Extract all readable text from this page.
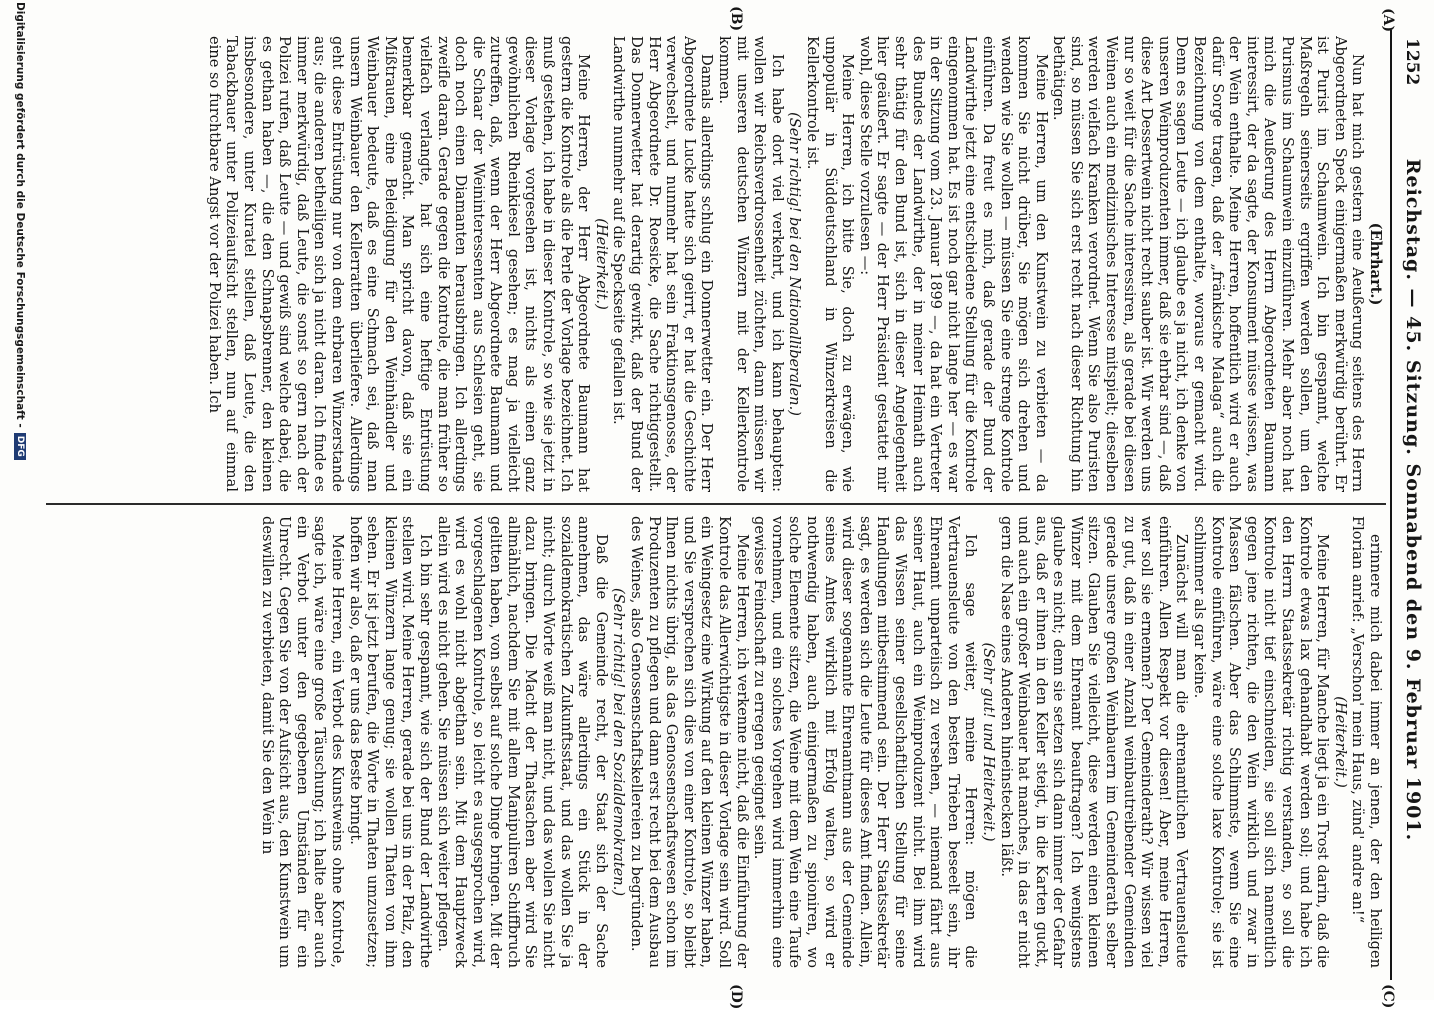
1252
Reichstag. — 45. Sitzung. Sonnabend den 9. Februar 1901.
(A)
(B)
(C)
(D)
(Ehrhart.)

Nun hat mich gestern eine Aeußerung seitens des Herrn Abgeordneten Speck einigermaßen merkwürdig berührt. Er ist Purist im Schaumwein. Ich bin gespannt, welche Maßregeln seinerseits ergriffen werden sollen, um den Purismus im Schaumwein einzuführen. Mehr aber noch hat mich die Aeußerung des Herrn Abgeordneten Baumann interessirt, der da sagte, der Konsument müsse wissen, was der Wein enthalte. Meine Herren, hoffentlich wird er auch dafür Sorge tragen, daß der „fränkische Malaga“ auch die Bezeichnung von dem enthalte, woraus er gemacht wird. Denn es sagen Leute — ich glaube es ja nicht, ich denke von unseren Weinproduzenten immer, daß sie ehrbar sind —, daß diese Art Dessertwein nicht recht sauber ist. Wir werden uns nur so weit für die Sache interessiren, als gerade bei diesen Weinen auch ein medizinisches Interesse mitspielt; dieselben werden vielfach Kranken verordnet. Wenn Sie also Puristen sind, so müssen Sie sich erst recht nach dieser Richtung hin bethätigen.

Meine Herren, um den Kunstwein zu verbieten — da kommen Sie nicht drüber, Sie mögen sich drehen und wenden wie Sie wollen — müssen Sie eine strenge Kontrole einführen. Da freut es mich, daß gerade der Bund der Landwirthe jetzt eine entschiedene Stellung für die Kontrole eingenommen hat. Es ist noch gar nicht lange her — es war in der Sitzung vom 23. Januar 1899 —, da hat ein Vertreter des Bundes der Landwirthe, der in meiner Heimath auch sehr thätig für den Bund ist, sich in dieser Angelegenheit hier geäußert. Er sagte — der Herr Präsident gestattet mir wohl, diese Stelle vorzulesen —:

Meine Herren, ich bitte Sie, doch zu erwägen, wie unpopulär in Süddeutschland in Winzerkreisen die Kellerkontrole ist.

(Sehr richtig! bei den Nationalliberalen.)

Ich habe dort viel verkehrt, und ich kann behaupten: wollen wir Reichsverdrossenheit züchten, dann müssen wir mit unseren deutschen Winzern mit der Kellerkontrole kommen.

Damals allerdings schlug ein Donnerwetter ein. Der Herr Abgeordnete Lucke hatte sich geirrt, er hat die Geschichte verwechselt, und nunmehr hat sein Fraktionsgenosse, der Herr Abgeordnete Dr. Roesicke, die Sache richtiggestellt. Das Donnerwetter hat derartig gewirkt, daß der Bund der Landwirthe nunmehr auf die Speckseite gefallen ist.

(Heiterkeit.)

Meine Herren, der Herr Abgeordnete Baumann hat gestern die Kontrole als die Perle der Vorlage bezeichnet. Ich muß gestehen, ich habe in dieser Kontrole, so wie sie jetzt in dieser Vorlage vorgesehen ist, nichts als einen ganz gewöhnlichen Rheinkiesel gesehen; es mag ja vielleicht zutreffen, daß, wenn der Herr Abgeordnete Baumann und die Schaar der Weininteressenten aus Schlesien geht, sie doch noch einen Diamanten herausbringen. Ich allerdings zweifle daran. Gerade gegen die Kontrole, die man früher so vielfach verlangte, hat sich eine heftige Entrüstung bemerkbar gemacht. Man spricht davon, daß sie ein Mißtrauen, eine Beleidigung für den Weinhändler und Weinbauer bedeute, daß es eine Schmach sei, daß man unsern Weinbauer den Kellerratten überliefere. Allerdings geht diese Entrüstung nur von dem ehrbaren Winzerstande aus; die anderen betheiligen sich ja nicht daran. Ich finde es immer merkwürdig, daß Leute, die sonst so gern nach der Polizei rufen, daß Leute — und gewiß sind welche dabei, die es gethan haben —, die den Schnapsbrenner, den kleinen insbesondere, unter Kuratel stellen, daß Leute, die den Tabackbauer unter Polizeiaufsicht stellen, nun auf einmal eine so furchtbare Angst vor der Polizei haben. Ich

erinnere mich dabei immer an jenen, der den heiligen Florian anrief: „Verschon' mein Haus, zünd' andre an!“

(Heiterkeit.)

Meine Herren, für Manche liegt ja ein Trost darin, daß die Kontrole etwas lax gehandhabt werden soll; und habe ich den Herrn Staatssekretär richtig verstanden, so soll die Kontrole nicht tief einschneiden, sie soll sich namentlich gegen jene richten, die den Wein wirklich und zwar in Massen fälschen. Aber das Schlimmste, wenn Sie eine Kontrole einführen, wäre eine solche laxe Kontrole; sie ist schlimmer als gar keine.

Zunächst will man die ehrenamtlichen Vertrauensleute einführen. Allen Respekt vor diesen! Aber, meine Herren, wer soll sie ernennen? Der Gemeinderath? Wir wissen viel zu gut, daß in einer Anzahl weinbautreibender Gemeinden gerade unsere großen Weinbauern im Gemeinderath selber sitzen. Glauben Sie vielleicht, diese werden einen kleinen Winzer mit dem Ehrenamt beauftragen? Ich wenigstens glaube es nicht; denn sie setzen sich dann immer der Gefahr aus, daß er ihnen in den Keller steigt, in die Karten guckt, und auch ein großer Weinbauer hat manches, in das er nicht gern die Nase eines Anderen hineinstecken läßt.

(Sehr gut! und Heiterkeit.)

Ich sage weiter, meine Herren: mögen die Vertrauensleute von den besten Trieben beseelt sein, ihr Ehrenamt unparteiisch zu versehen, — niemand fährt aus seiner Haut, auch ein Weinproduzent nicht. Bei ihm wird das Wissen seiner gesellschaftlichen Stellung für seine Handlungen mitbestimmend sein. Der Herr Staatssekretär sagt, es werden sich die Leute für dieses Amt finden. Allein, wird dieser sogenannte Ehrenamtmann aus der Gemeinde seines Amtes wirklich mit Erfolg walten, so wird er nothwendig haben, auch einigermaßen zu spioniren, wo solche Elemente sitzen, die Weine mit dem Wein eine Taufe vornehmen, und ein solches Vorgehen wird immerhin eine gewisse Feindschaft zu erregen geeignet sein.

Meine Herren, ich verkenne nicht, daß die Einführung der Kontrole das Allerwichtigste in dieser Vorlage sein wird. Soll ein Weingesetz eine Wirkung auf den kleinen Winzer haben, und Sie versprechen sich dies von einer Kontrole, so bleibt Ihnen nichts übrig, als das Genossenschaftswesen schon im Produzenten zu pflegen und dann erst recht bei dem Ausbau des Weines, also Genossenschaftskellereien zu begründen.

(Sehr richtig! bei den Sozialdemokraten.)

Daß die Gemeinde recht, der Staat sich der Sache annehmen, das wäre allerdings ein Stück in der sozialdemokratischen Zukunftsstaat, und das wollen Sie ja nicht; durch Worte weiß man nicht, und das wollen Sie nicht dazu bringen. Die Macht der Thatsachen aber wird Sie allmählich, nachdem Sie mit allem Manipuliren Schiffbruch gelitten haben, von selbst auf solche Dinge bringen. Mit der vorgeschlagenen Kontrole, so leicht es ausgesprochen wird, wird es wohl nicht abgethan sein. Mit dem Hauptzweck allein wird es nicht gehen. Sie müssen sich weiter pflegen.

Ich bin sehr gespannt, wie sich der Bund der Landwirthe stellen wird. Meine Herren, gerade bei uns in der Pfalz, den kleinen Winzern lange genug; sie wollen Thaten von ihm sehen. Er ist jetzt berufen, die Worte in Thaten umzusetzen; hoffen wir also, daß er uns das Beste bringt.

Meine Herren, ein Verbot des Kunstweins ohne Kontrole, sagte ich, wäre eine große Täuschung; ich halte aber auch ein Verbot unter den gegebenen Umständen für ein Unrecht. Gegen Sie von der Aufsicht aus, den Kunstwein um deswillen zu verbieten, damit Sie den Wein in

Digitalisierung gefördert durch die Deutsche Forschungsgemeinschaft -DFG
